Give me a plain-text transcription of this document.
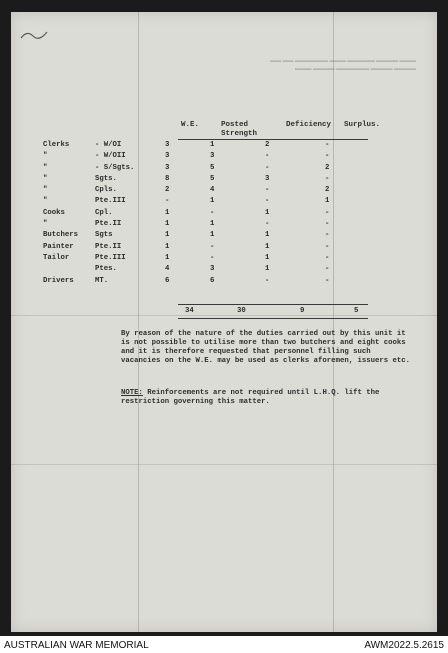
▬▬▬ ▬▬▬▬ ▬▬▬▬▬ ▬▬▬ ▬▬▬▬▬▬ ▬▬ ▬▬
▬▬▬▬ ▬▬▬▬ ▬▬▬▬▬▬ ▬▬▬▬ ▬▬▬
W.E.	Posted
Strength
Deficiency Surplus.
Clerks	- W/OI	3	1	2	-
"	- W/OII	3	3	-	-
"	- S/Sgts.	3	5	-	2
"	Sgts.	8	5	3	-
"	Cpls.	2	4	-	2
"	Pte.III	-	1	-	1
Cooks	Cpl.	1	-	1	-
"	Pte.II	1	1	-	-
Butchers	Sgts	1	1	1	-
Painter	Pte.II	1	-	1	-
Tailor	Pte.III	1	-	1	-
	Ptes.	4	3	1	-
Drivers	MT.	6	6	-	-
34	30	9	5
By reason of the nature of the duties carried out by this unit it is not possible to utilise more than two butchers and eight cooks and it is therefore requested that personnel filling such vacancies on the W.E. may be used as clerks aforemen, issuers etc.
NOTE: Reinforcements are not required until L.H.Q. lift the restriction governing this matter.
AUSTRALIAN WAR MEMORIAL	AWM2022.5.2615
